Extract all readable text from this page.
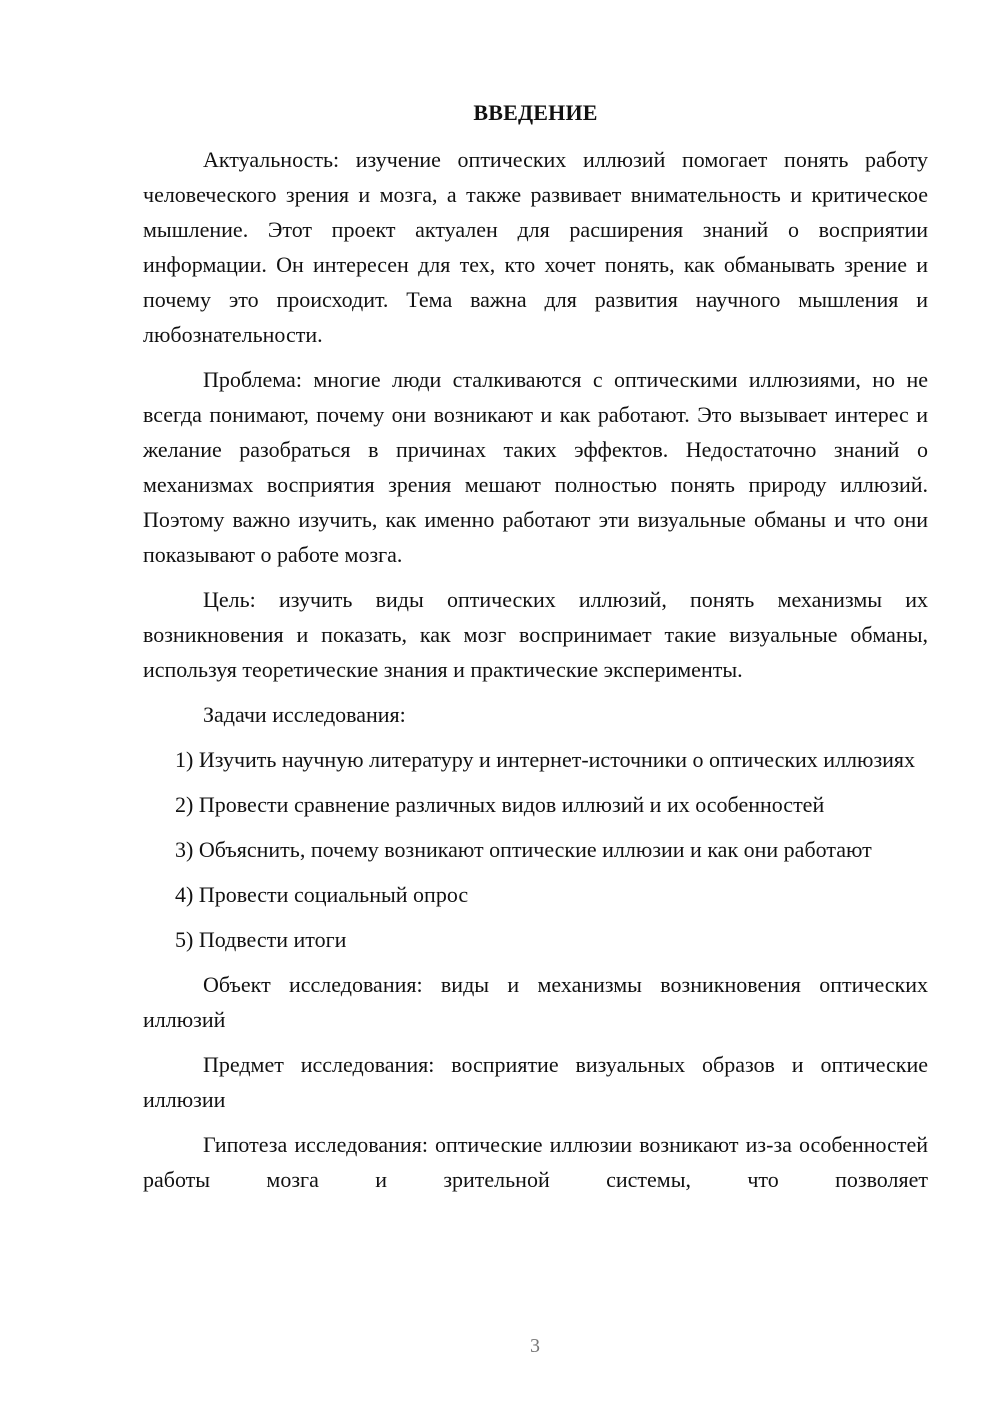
ВВЕДЕНИЕ

Актуальность: изучение оптических иллюзий помогает понять работу человеческого зрения и мозга, а также развивает внимательность и критическое мышление. Этот проект актуален для расширения знаний о восприятии информации. Он интересен для тех, кто хочет понять, как обманывать зрение и почему это происходит. Тема важна для развития научного мышления и любознательности.

Проблема: многие люди сталкиваются с оптическими иллюзиями, но не всегда понимают, почему они возникают и как работают. Это вызывает интерес и желание разобраться в причинах таких эффектов. Недостаточно знаний о механизмах восприятия зрения мешают полностью понять природу иллюзий. Поэтому важно изучить, как именно работают эти визуальные обманы и что они показывают о работе мозга.

Цель: изучить виды оптических иллюзий, понять механизмы их возникновения и показать, как мозг воспринимает такие визуальные обманы, используя теоретические знания и практические эксперименты.

Задачи исследования:

1) Изучить научную литературу и интернет-источники о оптических иллюзиях

2) Провести сравнение различных видов иллюзий и их особенностей

3) Объяснить, почему возникают оптические иллюзии и как они работают

4) Провести социальный опрос

5) Подвести итоги

Объект исследования: виды и механизмы возникновения оптических иллюзий

Предмет исследования: восприятие визуальных образов и оптические иллюзии

Гипотеза исследования: оптические иллюзии возникают из-за особенностей работы мозга и зрительной системы, что позволяет

3
